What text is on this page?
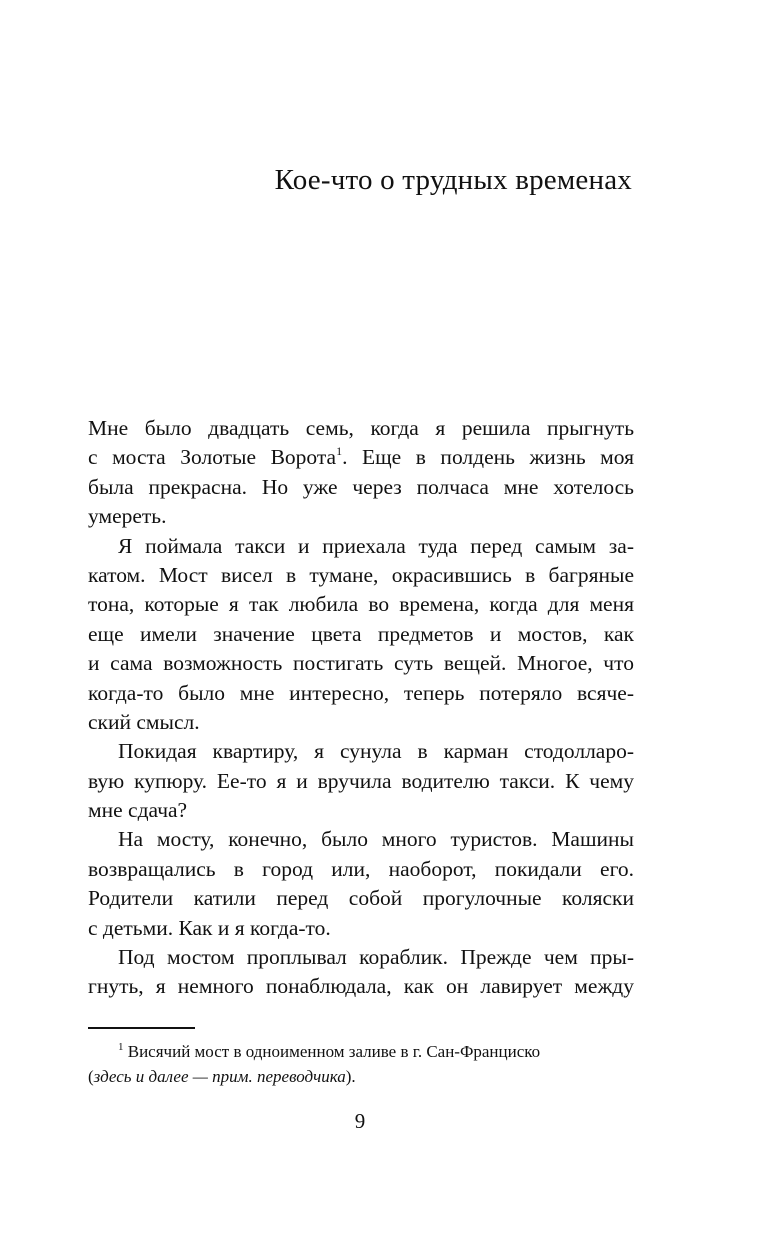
Кое-что о трудных временах
Мне было двадцать семь, когда я решила прыгнуть
с моста Золотые Ворота$^1$. Еще в полдень жизнь моя
была прекрасна. Но уже через полчаса мне хотелось
умереть.
Я поймала такси и приехала туда перед самым за-
катом. Мост висел в тумане, окрасившись в багряные
тона, которые я так любила во времена, когда для меня
еще имели значение цвета предметов и мостов, как
и сама возможность постигать суть вещей. Многое, что
когда-то было мне интересно, теперь потеряло всяче-
ский смысл.
Покидая квартиру, я сунула в карман стодолларо-
вую купюру. Ее-то я и вручила водителю такси. К чему
мне сдача?
На мосту, конечно, было много туристов. Машины
возвращались в город или, наоборот, покидали его.
Родители катили перед собой прогулочные коляски
с детьми. Как и я когда-то.
Под мостом проплывал кораблик. Прежде чем пры-
гнуть, я немного понаблюдала, как он лавирует между
$^1$ Висячий мост в одноименном заливе в г. Сан-Франциско
(здесь и далее — прим. переводчика).
9
